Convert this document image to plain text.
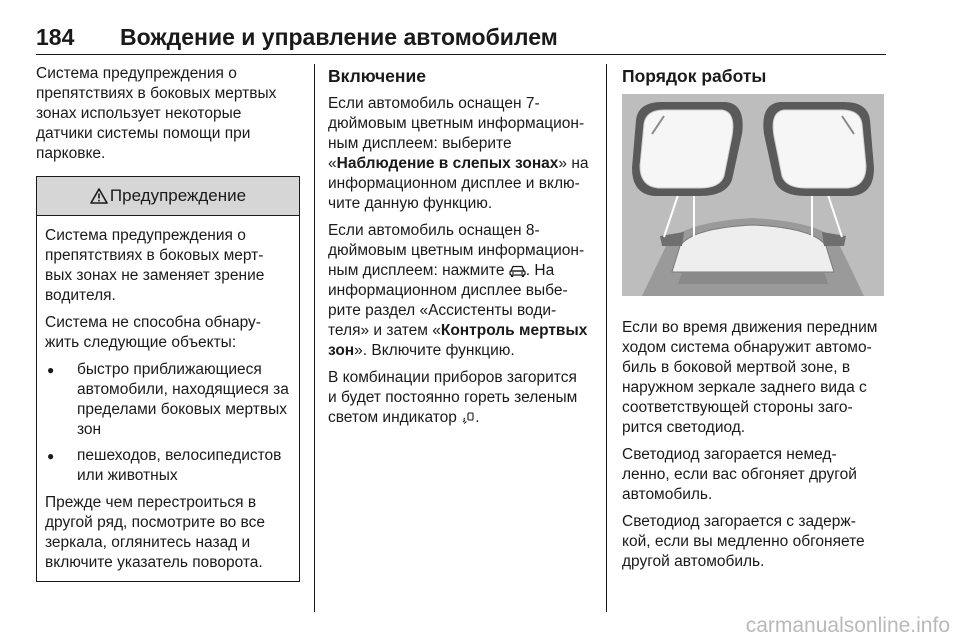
184 Вождение и управление автомобилем

Система предупреждения о
препятствиях в боковых мертвых
зонах использует некоторые
датчики системы помощи при
парковке.

Предупреждение

Система предупреждения о
препятствиях в боковых мерт-
вых зонах не заменяет зрение
водителя.

Система не способна обнару-
жить следующие объекты:

● быстро приближающиеся
автомобили, находящиеся за
пределами боковых мертвых
зон
● пешеходов, велосипедистов
или животных

Прежде чем перестроиться в
другой ряд, посмотрите во все
зеркала, оглянитесь назад и
включите указатель поворота.

Включение

Если автомобиль оснащен 7-
дюймовым цветным информацион-
ным дисплеем: выберите
«Наблюдение в слепых зонах» на
информационном дисплее и вклю-
чите данную функцию.

Если автомобиль оснащен 8-
дюймовым цветным информацион-
ным дисплеем: нажмите . На
информационном дисплее выбе-
рите раздел «Ассистенты води-
теля» и затем «Контроль мертвых
зон». Включите функцию.

В комбинации приборов загорится
и будет постоянно гореть зеленым
светом индикатор .

Порядок работы

Если во время движения передним
ходом система обнаружит автомо-
биль в боковой мертвой зоне, в
наружном зеркале заднего вида с
соответствующей стороны заго-
рится светодиод.

Светодиод загорается немед-
ленно, если вас обгоняет другой
автомобиль.

Светодиод загорается с задерж-
кой, если вы медленно обгоняете
другой автомобиль.

carmanualsonline.info
